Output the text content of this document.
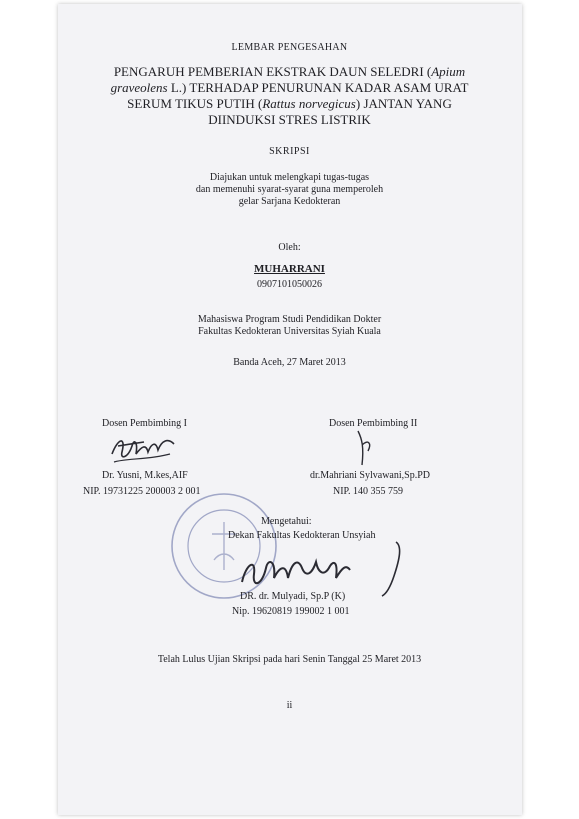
LEMBAR PENGESAHAN
PENGARUH PEMBERIAN EKSTRAK DAUN SELEDRI (Apium
graveolens L.) TERHADAP PENURUNAN KADAR ASAM URAT
SERUM TIKUS PUTIH (Rattus norvegicus) JANTAN YANG
DIINDUKSI STRES LISTRIK
SKRIPSI
Diajukan untuk melengkapi tugas-tugas
dan memenuhi syarat-syarat guna memperoleh
gelar Sarjana Kedokteran
Oleh:
MUHARRANI
0907101050026
Mahasiswa Program Studi Pendidikan Dokter
Fakultas Kedokteran Universitas Syiah Kuala
Banda Aceh, 27 Maret 2013
Dosen Pembimbing I	Dosen Pembimbing II
Dr. Yusni, M.kes,AIF
NIP. 19731225 200003 2 001
dr.Mahriani Sylvawani,Sp.PD
NIP. 140 355 759
Mengetahui:
Dekan Fakultas Kedokteran Unsyiah
DR. dr. Mulyadi, Sp.P (K)
Nip. 19620819 199002 1 001
Telah Lulus Ujian Skripsi pada hari Senin Tanggal 25 Maret 2013
ii
